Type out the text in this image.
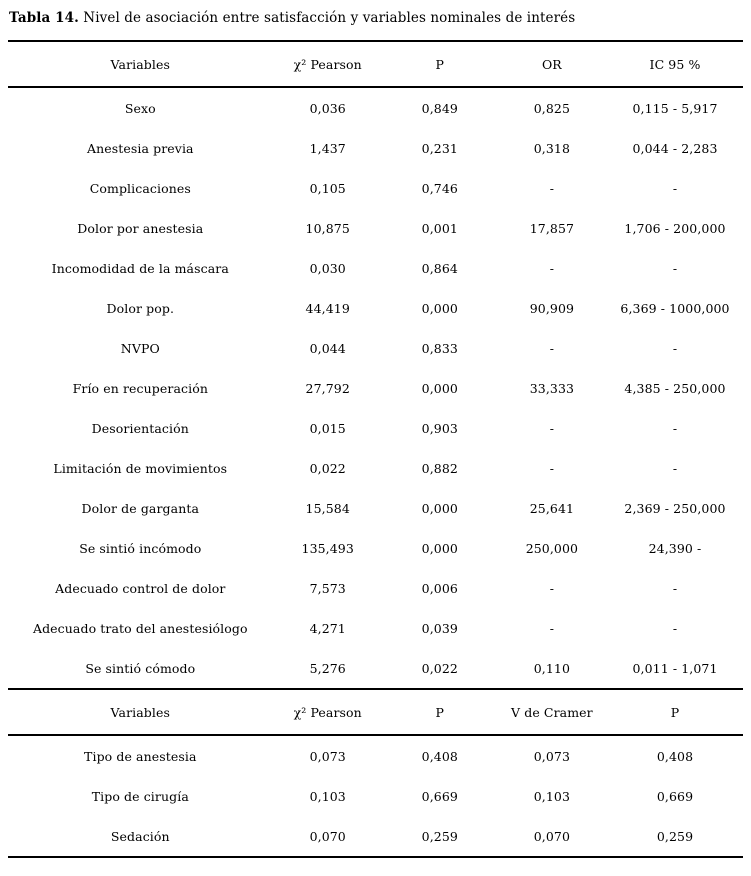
Tabla 14. Nivel de asociación entre satisfacción y variables nominales de interés

Variables	χ² Pearson	P	OR	IC 95 %
Sexo	0,036	0,849	0,825	0,115 - 5,917
Anestesia previa	1,437	0,231	0,318	0,044 - 2,283
Complicaciones	0,105	0,746	-	-
Dolor por anestesia	10,875	0,001	17,857	1,706 - 200,000
Incomodidad de la máscara	0,030	0,864	-	-
Dolor pop.	44,419	0,000	90,909	6,369 - 1000,000
NVPO	0,044	0,833	-	-
Frío en recuperación	27,792	0,000	33,333	4,385 - 250,000
Desorientación	0,015	0,903	-	-
Limitación de movimientos	0,022	0,882	-	-
Dolor de garganta	15,584	0,000	25,641	2,369 - 250,000
Se sintió incómodo	135,493	0,000	250,000	24,390 -
Adecuado control de dolor	7,573	0,006	-	-
Adecuado trato del anestesiólogo	4,271	0,039	-	-
Se sintió cómodo	5,276	0,022	0,110	0,011 - 1,071
Variables	χ² Pearson	P	V de Cramer	P
Tipo de anestesia	0,073	0,408	0,073	0,408
Tipo de cirugía	0,103	0,669	0,103	0,669
Sedación	0,070	0,259	0,070	0,259
